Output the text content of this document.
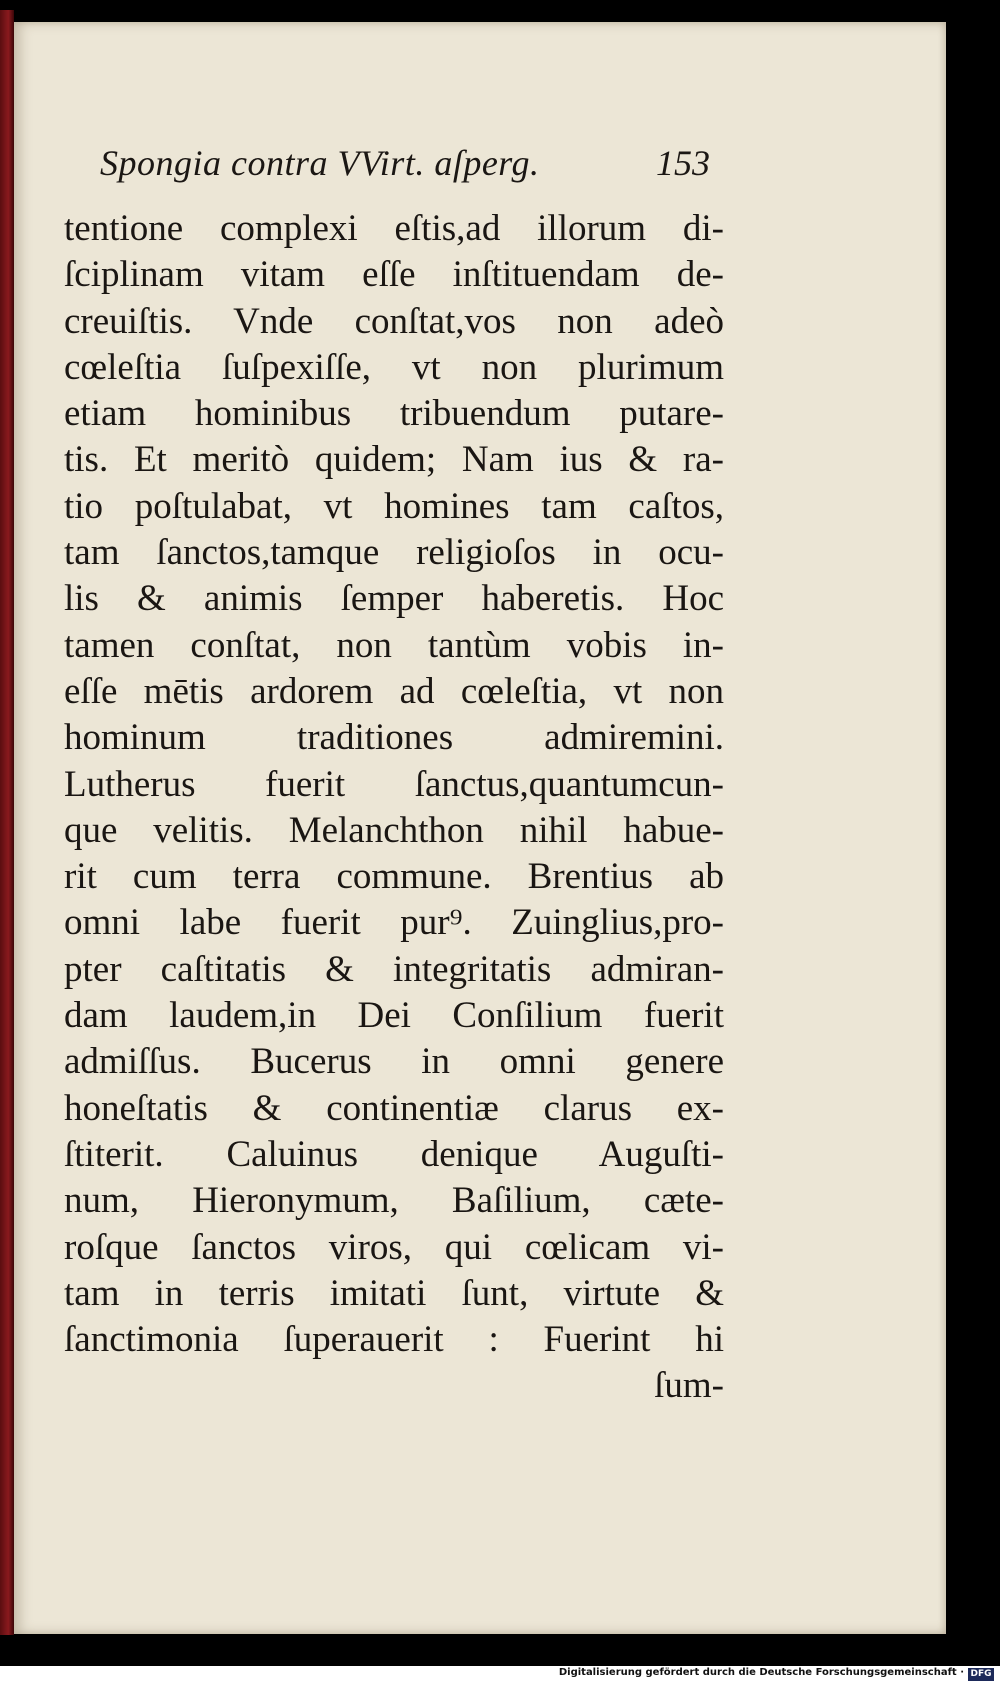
Spongia contra VVirt. aſperg.	153
tentione complexi eſtis,ad illorum di-
ſciplinam vitam eſſe inſtituendam de-
creuiſtis. Vnde conſtat,vos non adeò
cœleſtia ſuſpexiſſe, vt non plurimum
etiam hominibus tribuendum putare-
tis. Et meritò quidem; Nam ius & ra-
tio poſtulabat, vt homines tam caſtos,
tam ſanctos,tamque religioſos in ocu-
lis & animis ſemper haberetis. Hoc
tamen conſtat, non tantùm vobis in-
eſſe mētis ardorem ad cœleſtia, vt non
hominum traditiones admiremini.
Lutherus fuerit ſanctus,quantumcun-
que velitis. Melanchthon nihil habue-
rit cum terra commune. Brentius ab
omni labe fuerit pur⁹. Zuinglius,pro-
pter caſtitatis & integritatis admiran-
dam laudem,in Dei Conſilium fuerit
admiſſus. Bucerus in omni genere
honeſtatis & continentiæ clarus ex-
ſtiterit. Caluinus denique Auguſti-
num, Hieronymum, Baſilium, cæte-
roſque ſanctos viros, qui cœlicam vi-
tam in terris imitati ſunt, virtute &
ſanctimonia ſuperauerit : Fuerint hi
ſum-
Digitalisierung gefördert durch die Deutsche Forschungsgemeinschaft · DFG
